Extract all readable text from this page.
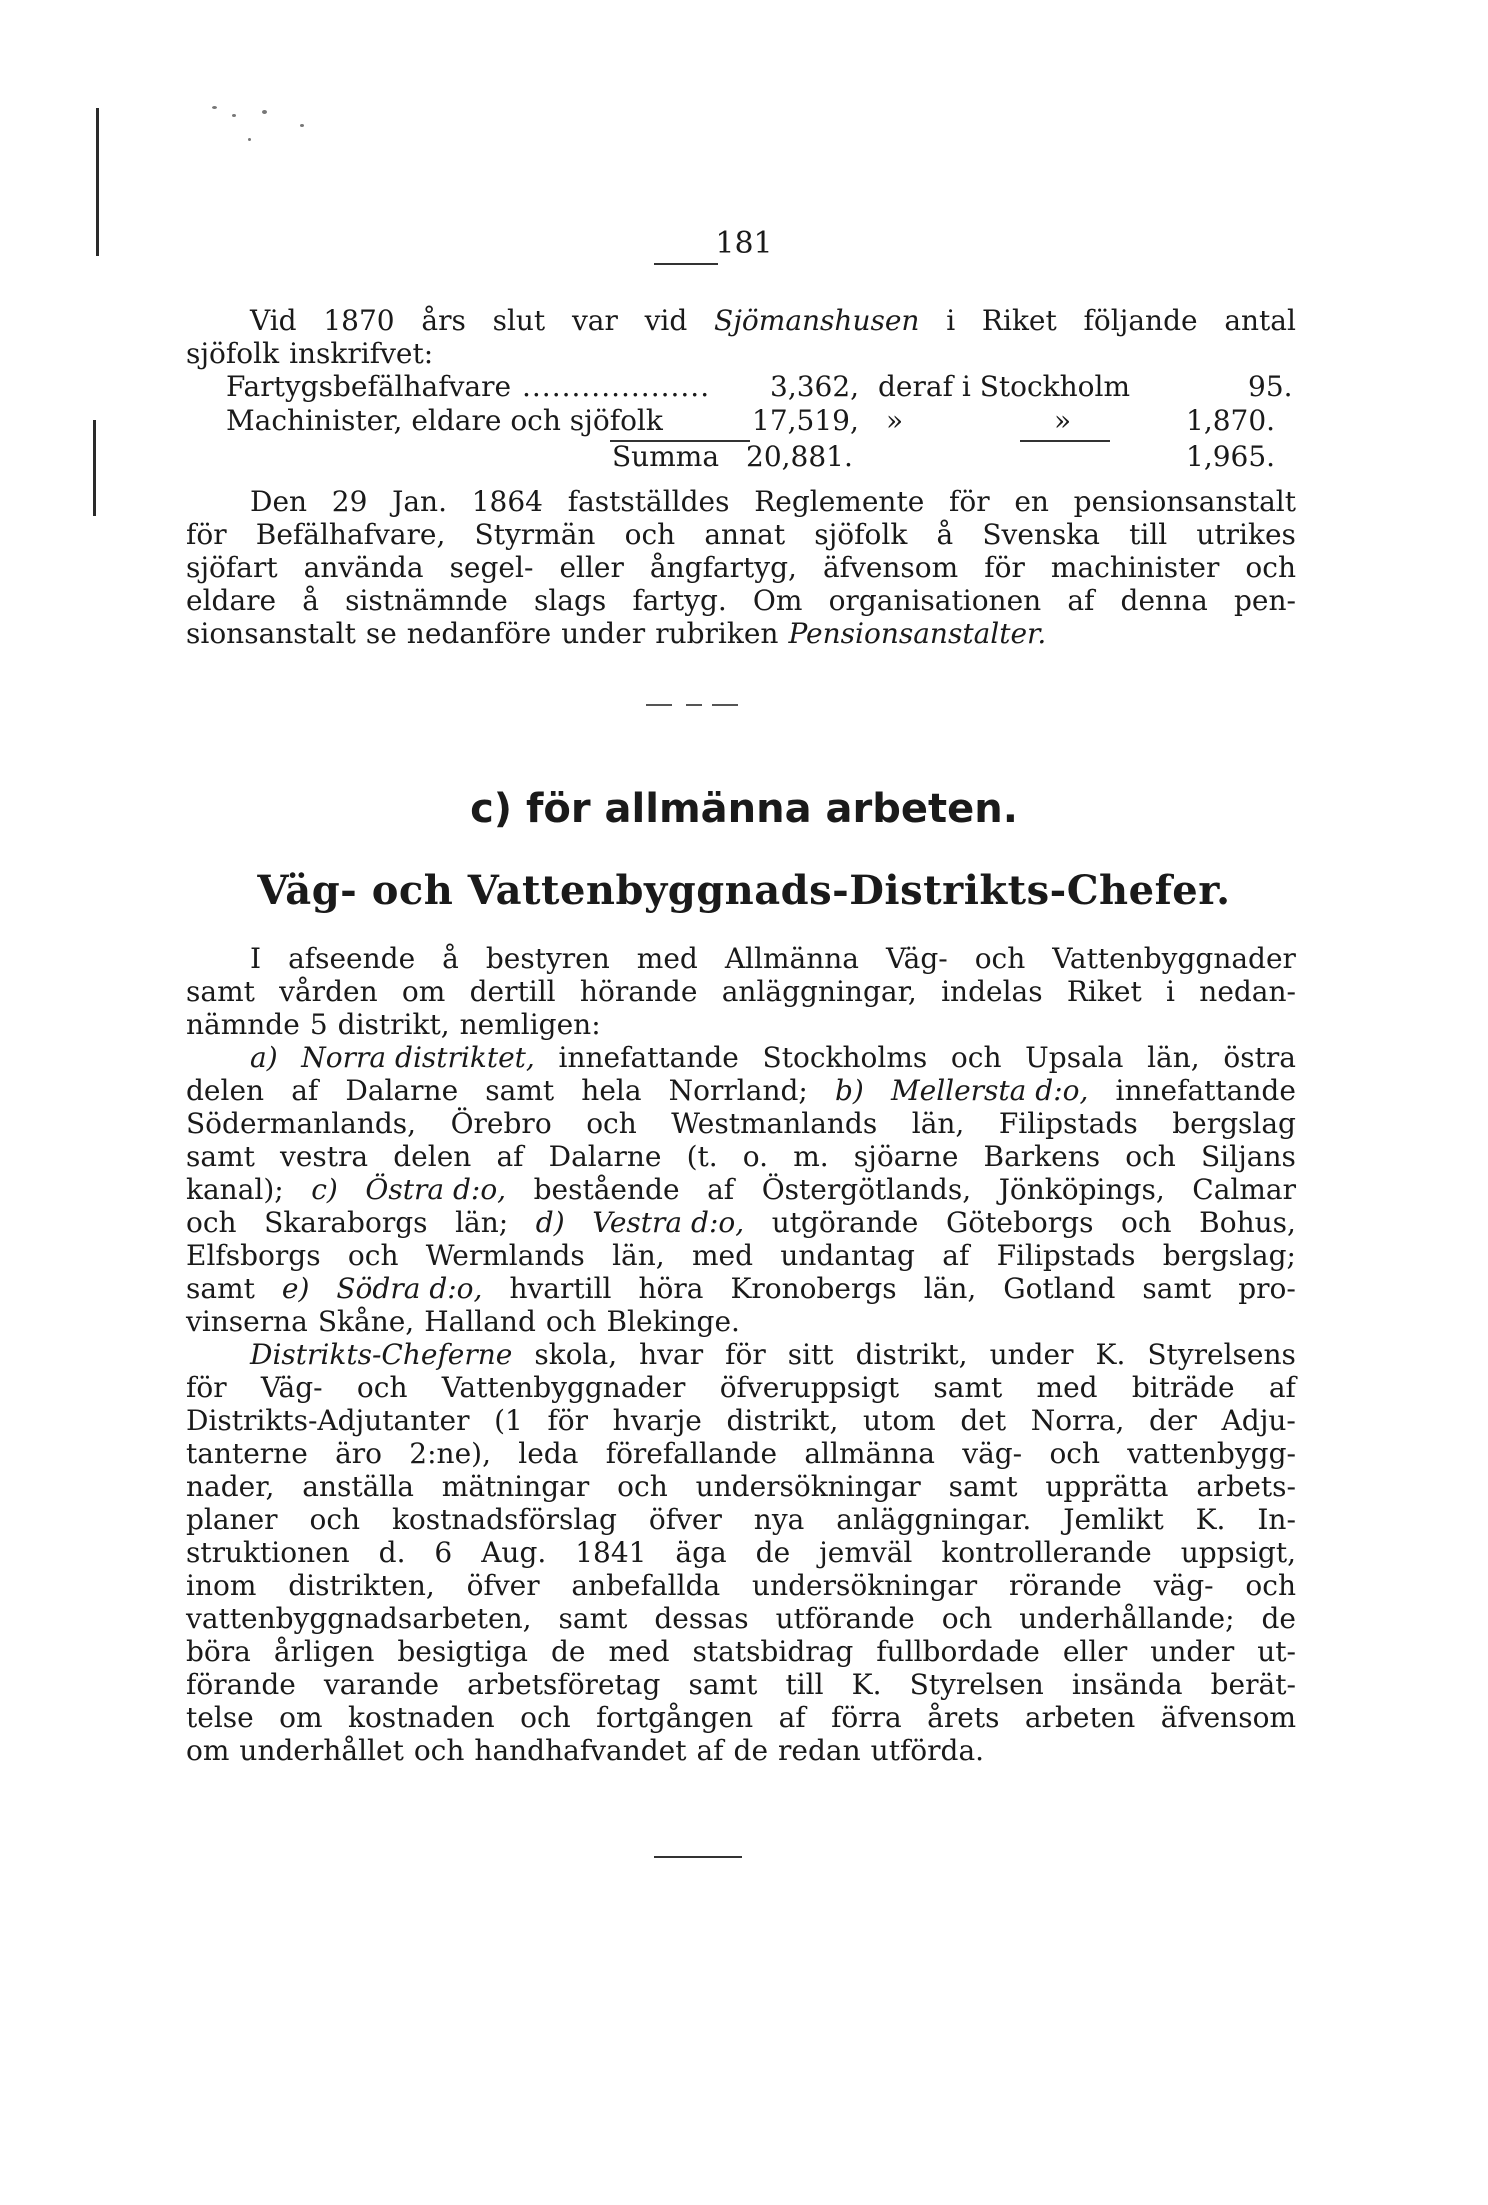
181
Vid 1870 års slut var vid Sjömanshusen i Riket följande antal
sjöfolk inskrifvet:
Fartygsbefälhafvare ................... 3,362, deraf i Stockholm	95.
Machinister, eldare och sjöfolk	17,519, »	»	1,870.
Summa 20,881.	1,965.
Den 29 Jan. 1864 fastställdes Reglemente för en pensionsanstalt
för Befälhafvare, Styrmän och annat sjöfolk å Svenska till utrikes
sjöfart använda segel- eller ångfartyg, äfvensom för machinister och
eldare å sistnämnde slags fartyg. Om organisationen af denna pen-
sionsanstalt se nedanföre under rubriken Pensionsanstalter.
c) för allmänna arbeten.
Väg- och Vattenbyggnads-Distrikts-Chefer.
I afseende å bestyren med Allmänna Väg- och Vattenbyggnader
samt vården om dertill hörande anläggningar, indelas Riket i nedan-
nämnde 5 distrikt, nemligen:
a) Norra distriktet, innefattande Stockholms och Upsala län, östra
delen af Dalarne samt hela Norrland; b) Mellersta d:o, innefattande
Södermanlands, Örebro och Westmanlands län, Filipstads bergslag
samt vestra delen af Dalarne (t. o. m. sjöarne Barkens och Siljans
kanal); c) Östra d:o, bestående af Östergötlands, Jönköpings, Calmar
och Skaraborgs län; d) Vestra d:o, utgörande Göteborgs och Bohus,
Elfsborgs och Wermlands län, med undantag af Filipstads bergslag;
samt e) Södra d:o, hvartill höra Kronobergs län, Gotland samt pro-
vinserna Skåne, Halland och Blekinge.
Distrikts-Cheferne skola, hvar för sitt distrikt, under K. Styrelsens
för Väg- och Vattenbyggnader öfveruppsigt samt med biträde af
Distrikts-Adjutanter (1 för hvarje distrikt, utom det Norra, der Adju-
tanterne äro 2:ne), leda förefallande allmänna väg- och vattenbygg-
nader, anställa mätningar och undersökningar samt upprätta arbets-
planer och kostnadsförslag öfver nya anläggningar. Jemlikt K. In-
struktionen d. 6 Aug. 1841 äga de jemväl kontrollerande uppsigt,
inom distrikten, öfver anbefallda undersökningar rörande väg- och
vattenbyggnadsarbeten, samt dessas utförande och underhållande; de
böra årligen besigtiga de med statsbidrag fullbordade eller under ut-
förande varande arbetsföretag samt till K. Styrelsen insända berät-
telse om kostnaden och fortgången af förra årets arbeten äfvensom
om underhållet och handhafvandet af de redan utförda.
